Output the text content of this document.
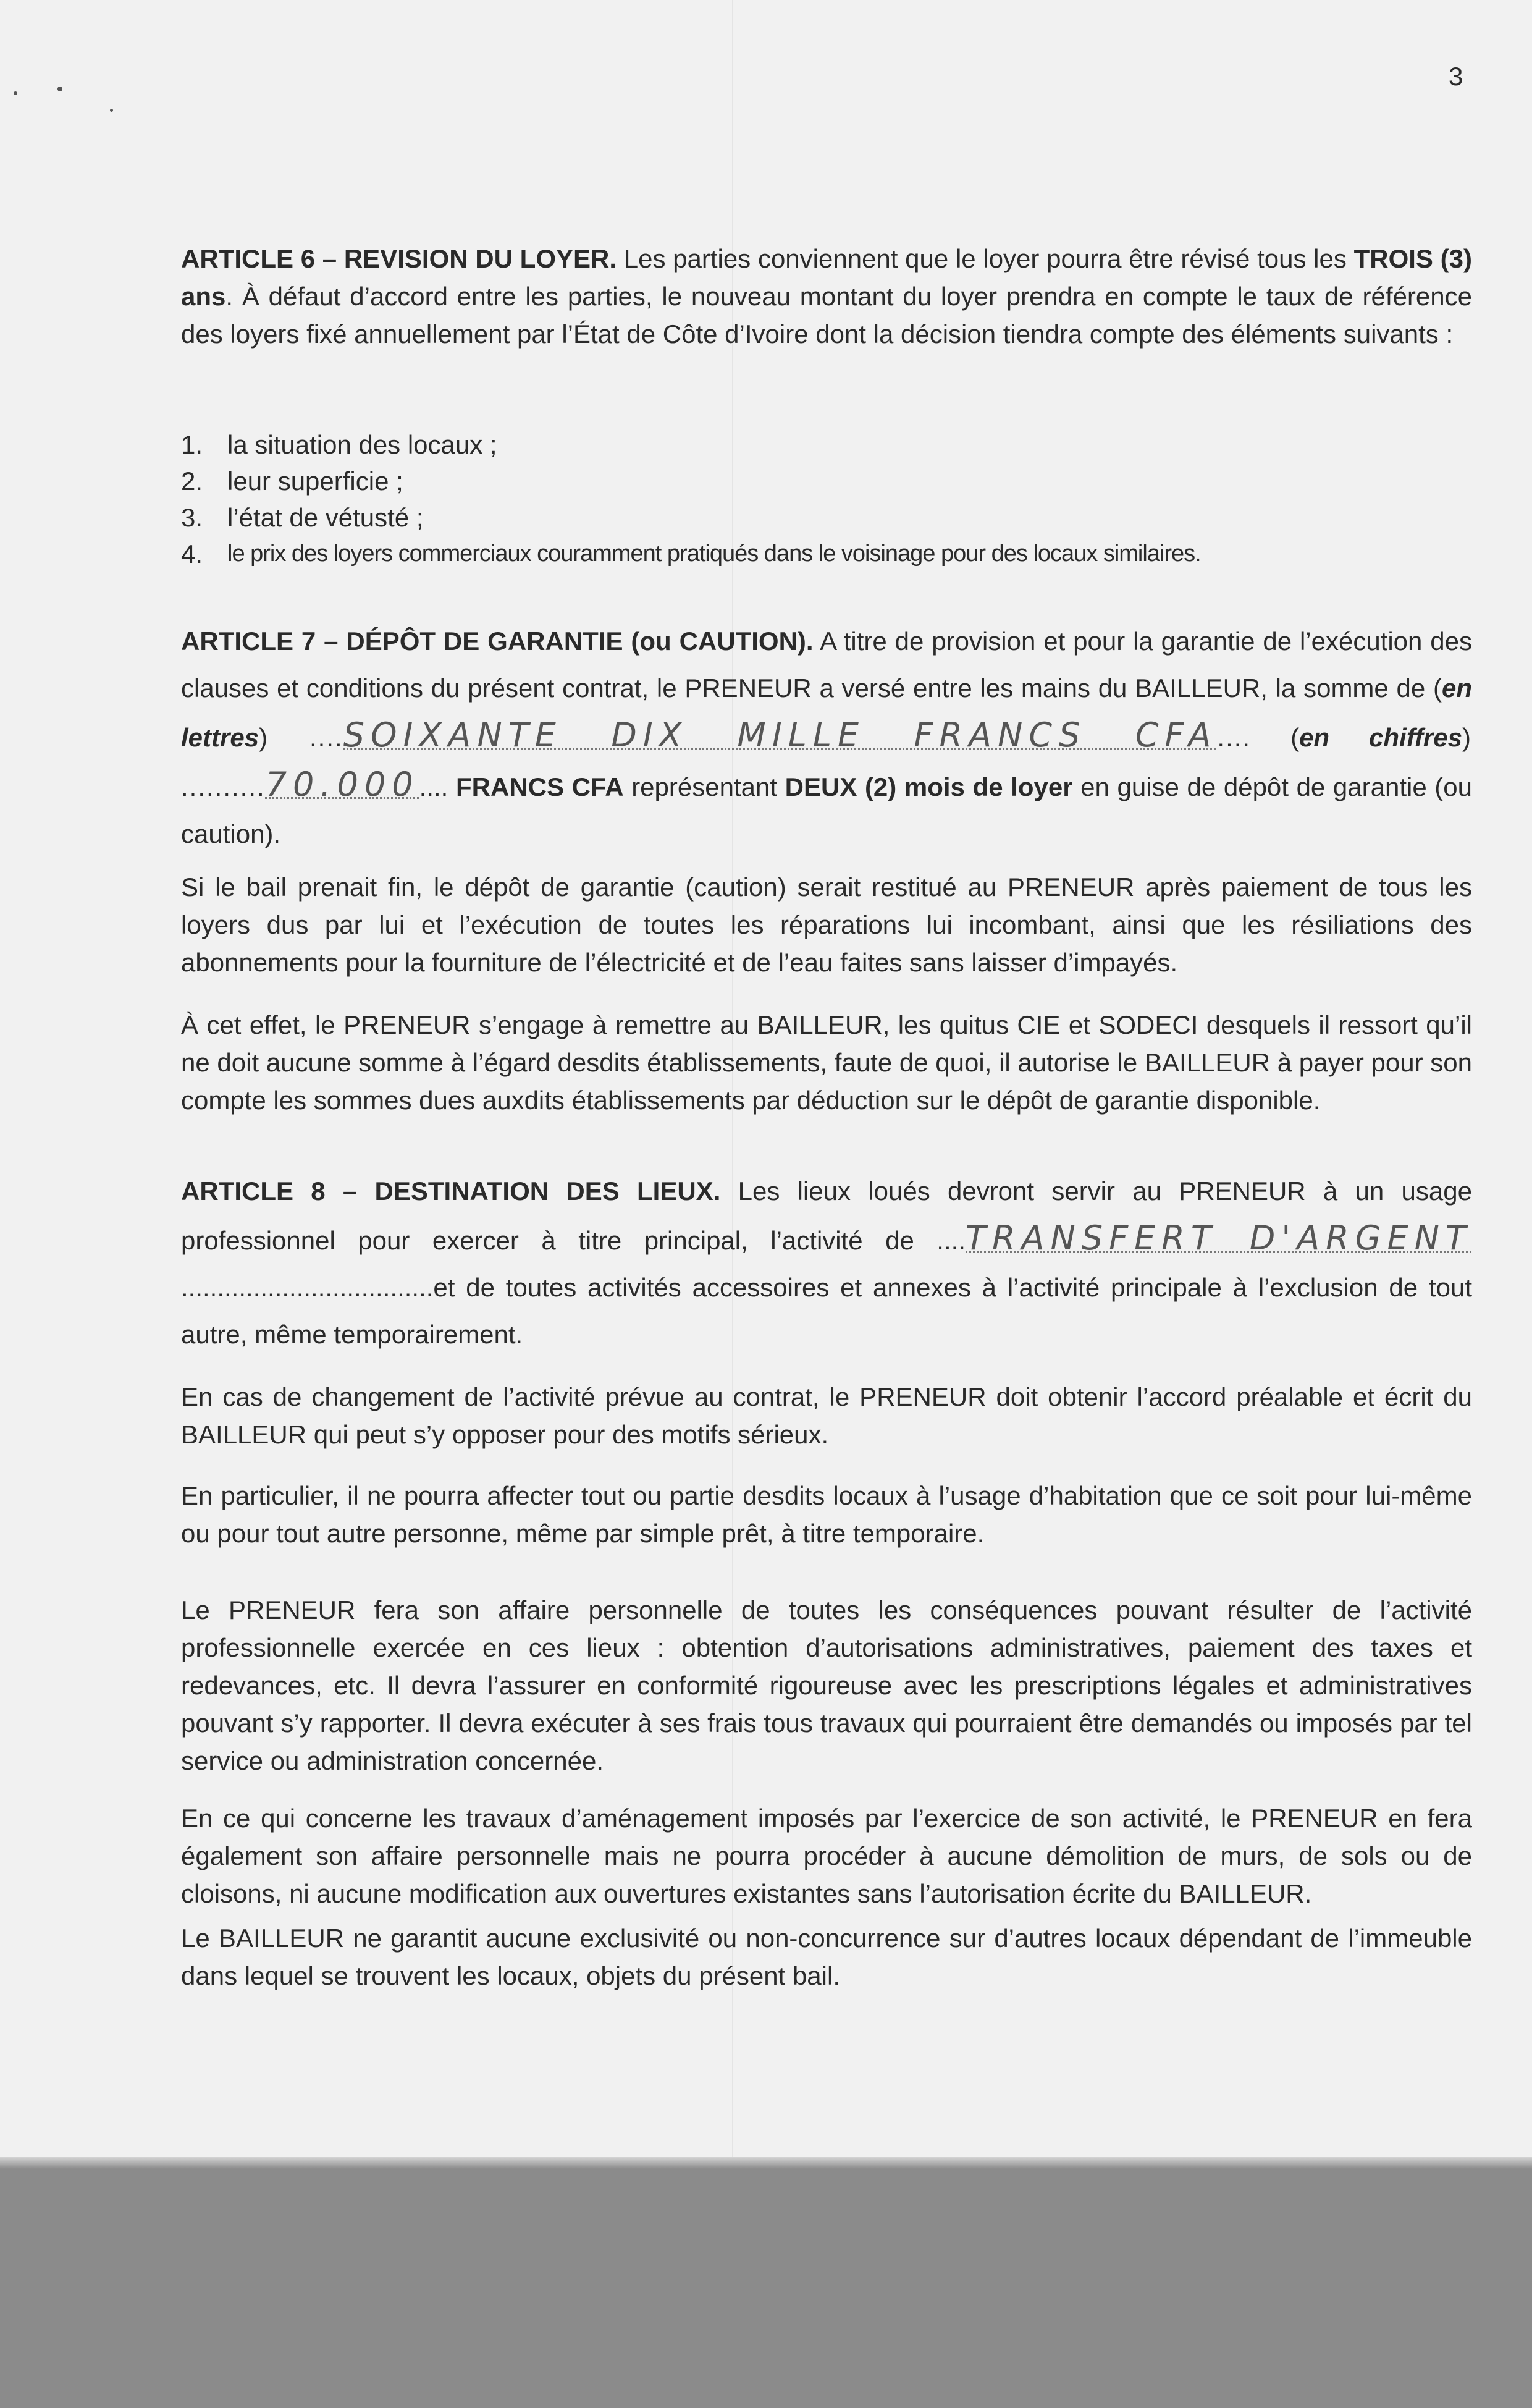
3
ARTICLE 6 – REVISION DU LOYER. Les parties conviennent que le loyer pourra être révisé tous les TROIS (3) ans. À défaut d’accord entre les parties, le nouveau montant du loyer prendra en compte le taux de référence des loyers fixé annuellement par l’État de Côte d’Ivoire dont la décision tiendra compte des éléments suivants :
1. la situation des locaux ;
2. leur superficie ;
3. l’état de vétusté ;
4.	le prix des loyers commerciaux couramment pratiqués dans le voisinage pour des locaux similaires.
ARTICLE 7 – DÉPÔT DE GARANTIE (ou CAUTION). A titre de provision et pour la garantie de l’exécution des clauses et conditions du présent contrat, le PRENEUR a versé entre les mains du BAILLEUR, la somme de (en lettres) ....SOIXANTE DIX MILLE FRANCS CFA.... (en chiffres) ..........70.000.... FRANCS CFA représentant DEUX (2) mois de loyer en guise de dépôt de garantie (ou caution).
Si le bail prenait fin, le dépôt de garantie (caution) serait restitué au PRENEUR après paiement de tous les loyers dus par lui et l’exécution de toutes les réparations lui incombant, ainsi que les résiliations des abonnements pour la fourniture de l’électricité et de l’eau faites sans laisser d’impayés.
À cet effet, le PRENEUR s’engage à remettre au BAILLEUR, les quitus CIE et SODECI desquels il ressort qu’il ne doit aucune somme à l’égard desdits établissements, faute de quoi, il autorise le BAILLEUR à payer pour son compte les sommes dues auxdits établissements par déduction sur le dépôt de garantie disponible.
ARTICLE 8 – DESTINATION DES LIEUX. Les lieux loués devront servir au PRENEUR à un usage professionnel pour exercer à titre principal, l’activité de ....TRANSFERT D'ARGENT ...................................et de toutes activités accessoires et annexes à l’activité principale à l’exclusion de tout autre, même temporairement.
En cas de changement de l’activité prévue au contrat, le PRENEUR doit obtenir l’accord préalable et écrit du BAILLEUR qui peut s’y opposer pour des motifs sérieux.
En particulier, il ne pourra affecter tout ou partie desdits locaux à l’usage d’habitation que ce soit pour lui-même ou pour tout autre personne, même par simple prêt, à titre temporaire.
Le PRENEUR fera son affaire personnelle de toutes les conséquences pouvant résulter de l’activité professionnelle exercée en ces lieux : obtention d’autorisations administratives, paiement des taxes et redevances, etc. Il devra l’assurer en conformité rigoureuse avec les prescriptions légales et administratives pouvant s’y rapporter. Il devra exécuter à ses frais tous travaux qui pourraient être demandés ou imposés par tel service ou administration concernée.
En ce qui concerne les travaux d’aménagement imposés par l’exercice de son activité, le PRENEUR en fera également son affaire personnelle mais ne pourra procéder à aucune démolition de murs, de sols ou de cloisons, ni aucune modification aux ouvertures existantes sans l’autorisation écrite du BAILLEUR.
Le BAILLEUR ne garantit aucune exclusivité ou non-concurrence sur d’autres locaux dépendant de l’immeuble dans lequel se trouvent les locaux, objets du présent bail.
